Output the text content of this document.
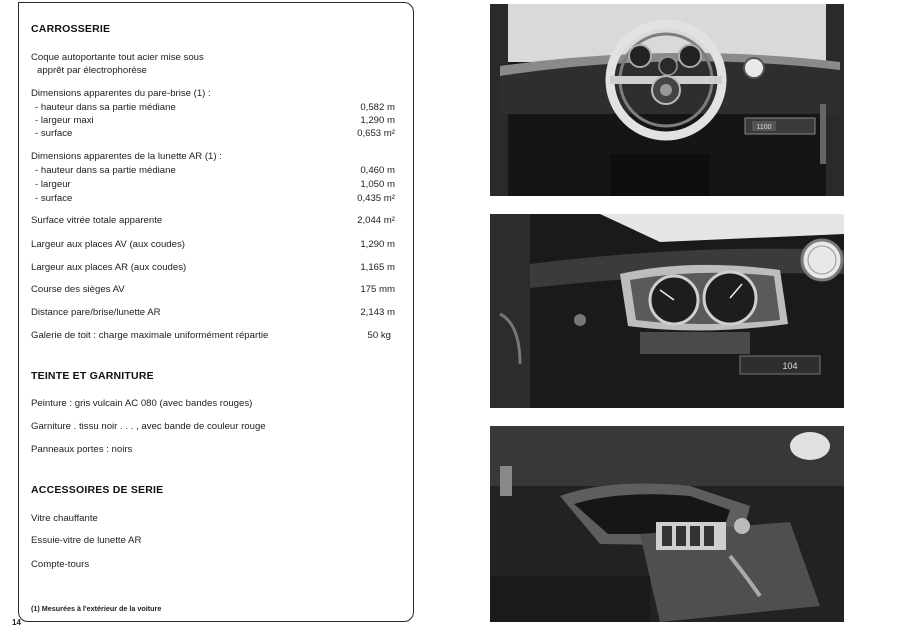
CARROSSERIE
Coque autoportante tout acier mise sous
apprêt par électrophorèse
Dimensions apparentes du pare-brise (1) :
- hauteur dans sa partie médiane	0,582 m
- largeur maxi	1,290 m
- surface	0,653 m²
Dimensions apparentes de la lunette AR (1) :
- hauteur dans sa partie médiane	0,460 m
- largeur	1,050 m
- surface	0,435 m²
Surface vitrée totale apparente	2,044 m²
Largeur aux places AV (aux coudes)	1,290 m
Largeur aux places AR (aux coudes)	1,165 m
Course des sièges AV	175 mm
Distance pare/brise/lunette AR	2,143 m
Galerie de toit : charge maximale uniformément répartie	50 kg
TEINTE ET GARNITURE
Peinture : gris vulcain AC 080 (avec bandes rouges)
Garniture . tissu noir . . . , avec bande de couleur rouge
Panneaux portes : noirs
ACCESSOIRES DE SERIE
Vitre chauffante
Essuie-vitre de lunette AR
Compte-tours
(1) Mesurées à l'extérieur de la voiture
14
1100
104
